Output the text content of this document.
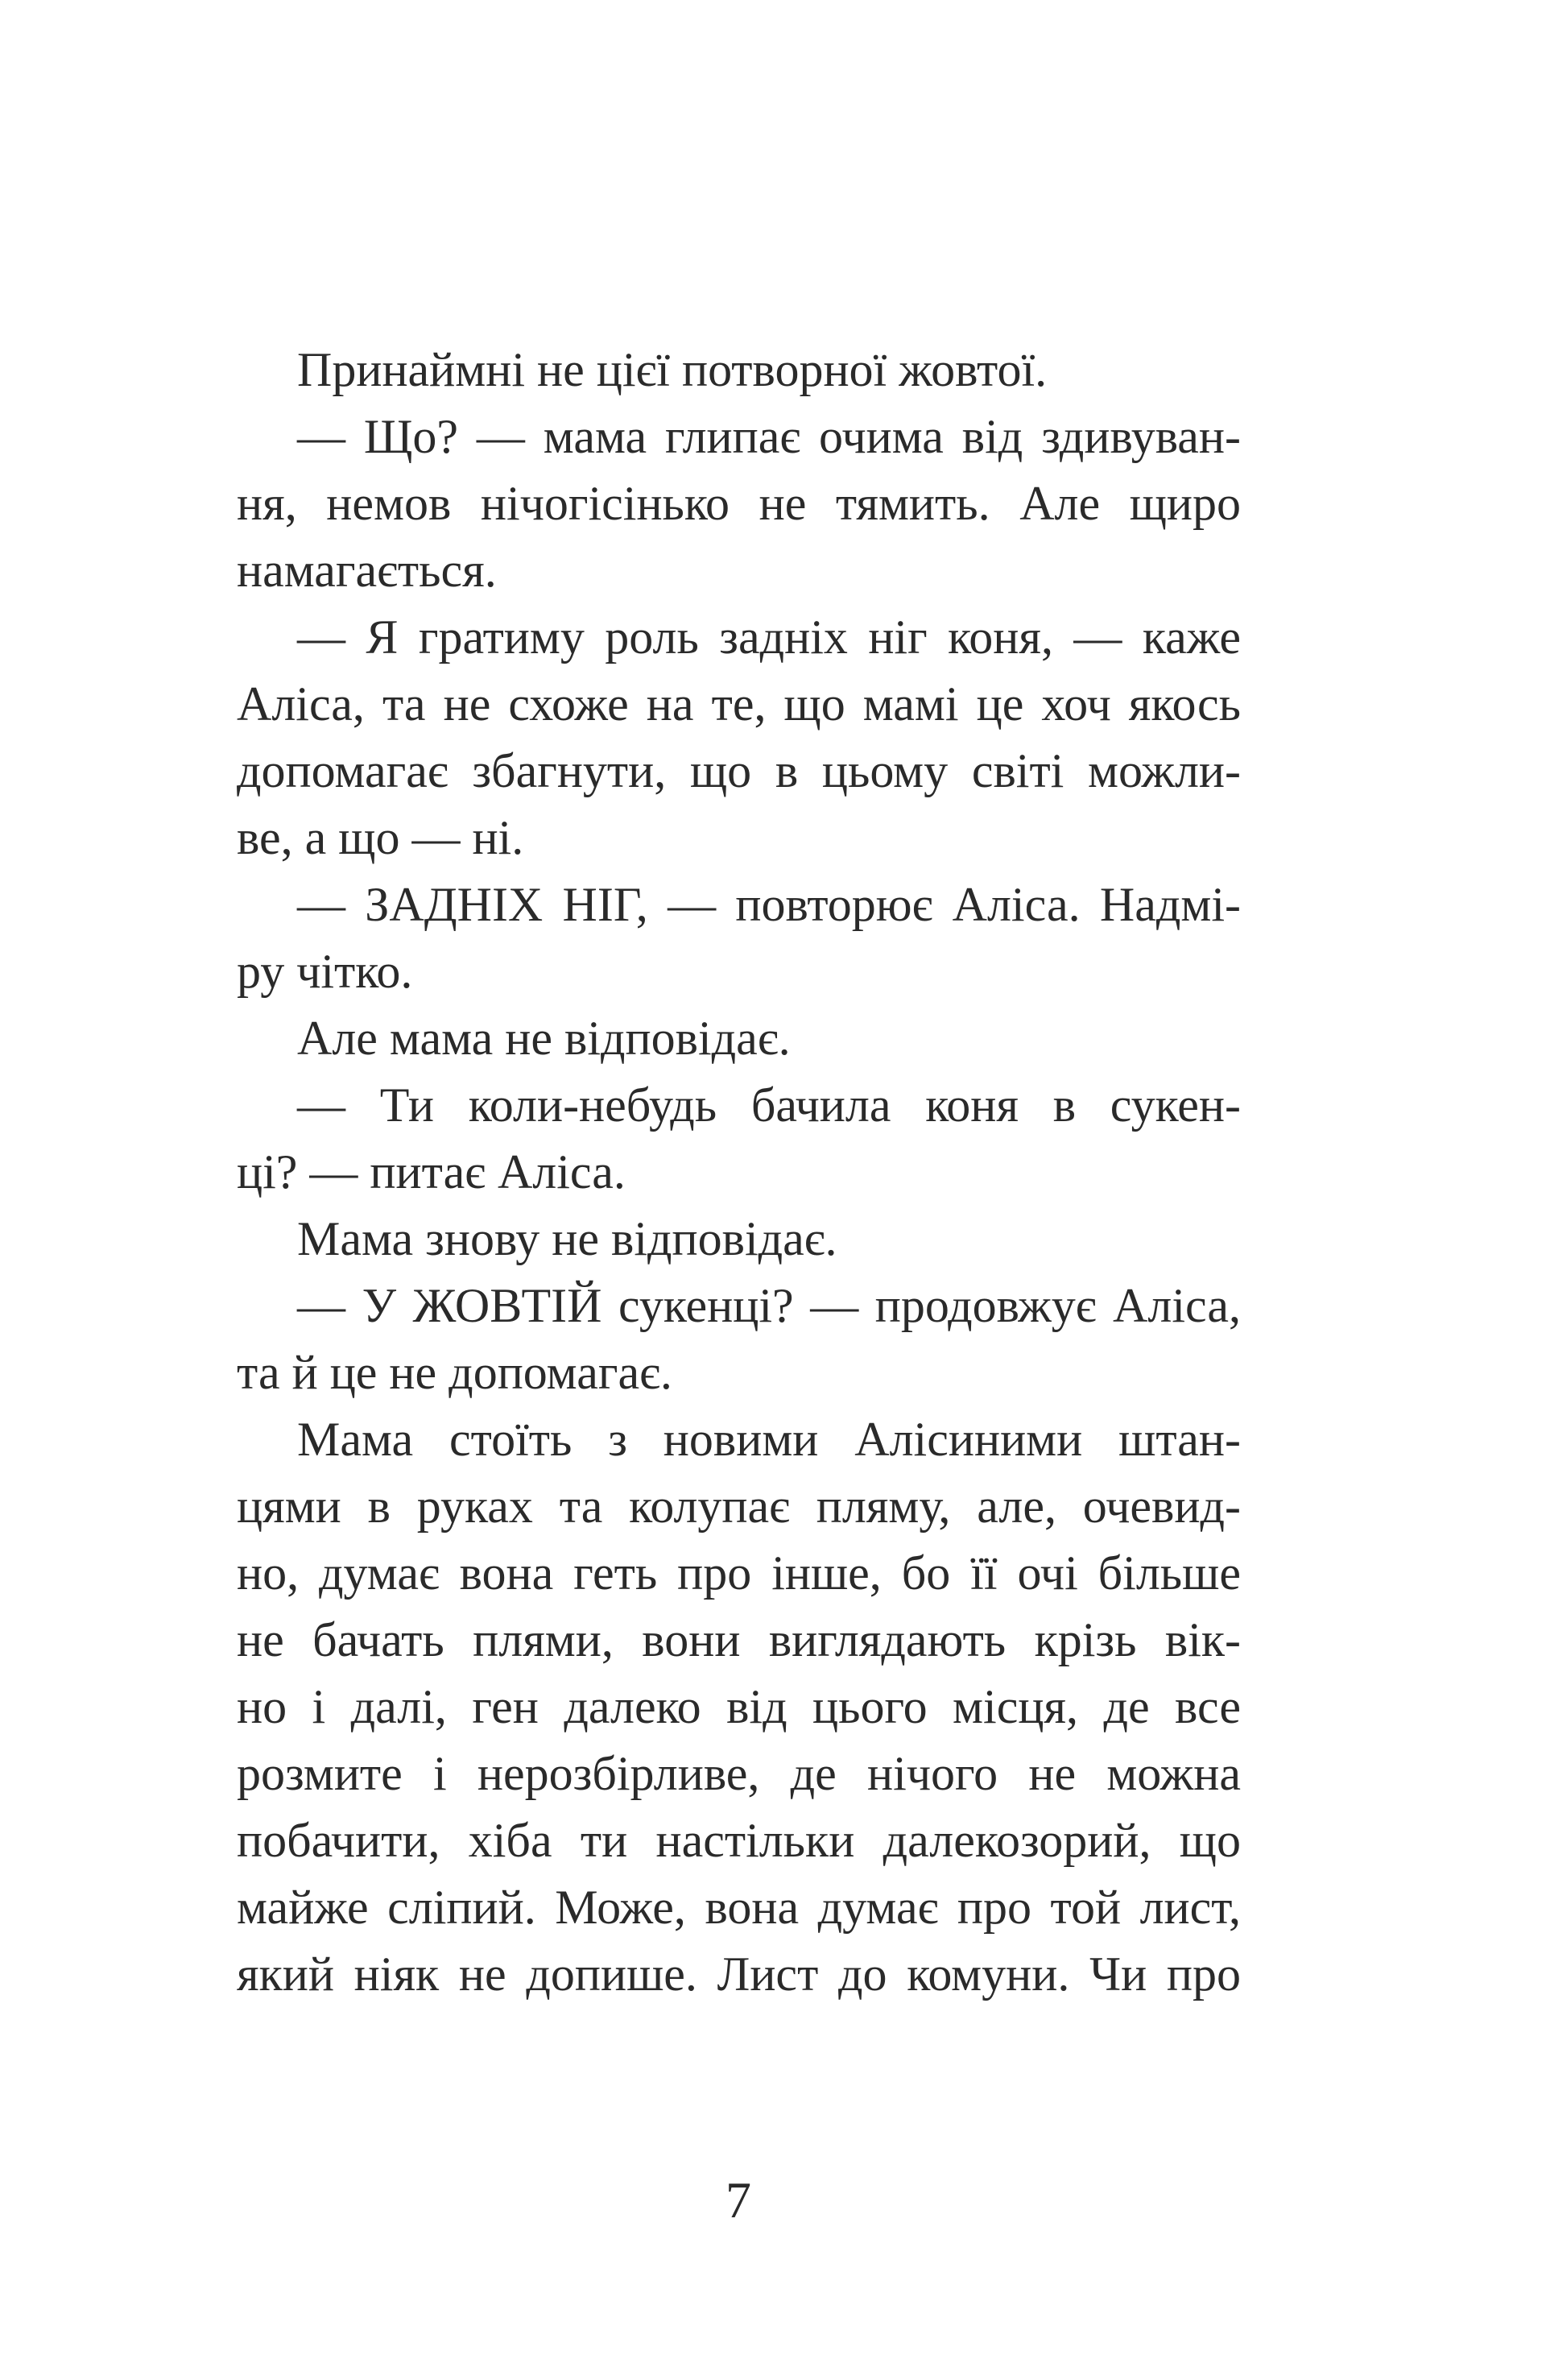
Принаймні не цієї потворної жовтої.
— Що? — мама глипає очима від здивуван-
ня, немов нічогісінько не тямить. Але щиро
намагається.
— Я гратиму роль задніх ніг коня, — каже
Аліса, та не схоже на те, що мамі це хоч якось
допомагає збагнути, що в цьому світі можли-
ве, а що — ні.
— ЗАДНІХ НІГ, — повторює Аліса. Надмі-
ру чітко.
Але мама не відповідає.
— Ти коли-небудь бачила коня в сукен-
ці? — питає Аліса.
Мама знову не відповідає.
— У ЖОВТІЙ сукенці? — продовжує Аліса,
та й це не допомагає.
Мама стоїть з новими Алісиними штан-
цями в руках та колупає пляму, але, очевид-
но, думає вона геть про інше, бо її очі більше
не бачать плями, вони виглядають крізь вік-
но і далі, ген далеко від цього місця, де все
розмите і нерозбірливе, де нічого не можна
побачити, хіба ти настільки далекозорий, що
майже сліпий. Може, вона думає про той лист,
який ніяк не допише. Лист до комуни. Чи про
7
